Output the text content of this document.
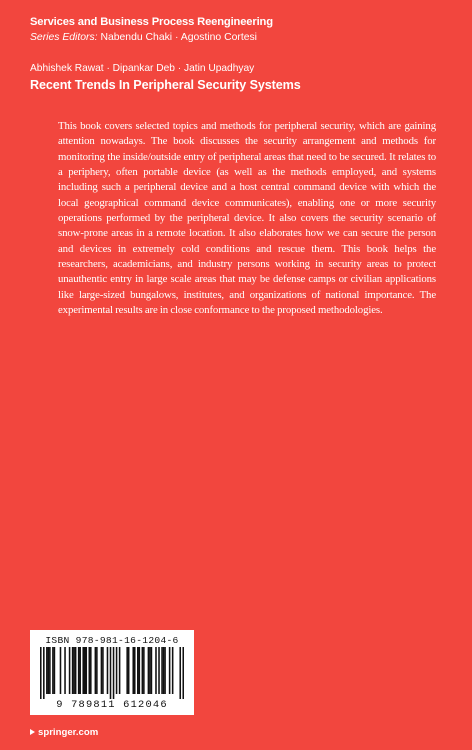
Services and Business Process Reengineering
Series Editors: Nabendu Chaki · Agostino Cortesi
Abhishek Rawat · Dipankar Deb · Jatin Upadhyay
Recent Trends In Peripheral Security Systems

This book covers selected topics and methods for peripheral security, which are gaining attention nowadays. The book discusses the security arrangement and methods for monitoring the inside/outside entry of peripheral areas that need to be secured. It relates to a periphery, often portable device (as well as the methods employed, and systems including such a peripheral device and a host central command device with which the local geographical command device communicates), enabling one or more security operations performed by the peripheral device. It also covers the security scenario of snow-prone areas in a remote location. It also elaborates how we can secure the person and devices in extremely cold conditions and rescue them. This book helps the researchers, academicians, and industry persons working in security areas to protect unauthentic entry in large scale areas that may be defense camps or civilian applications like large-sized bungalows, institutes, and organizations of national importance. The experimental results are in close conformance to the proposed methodologies.

ISBN 978-981-16-1204-6
9 789811 612046
springer.com
